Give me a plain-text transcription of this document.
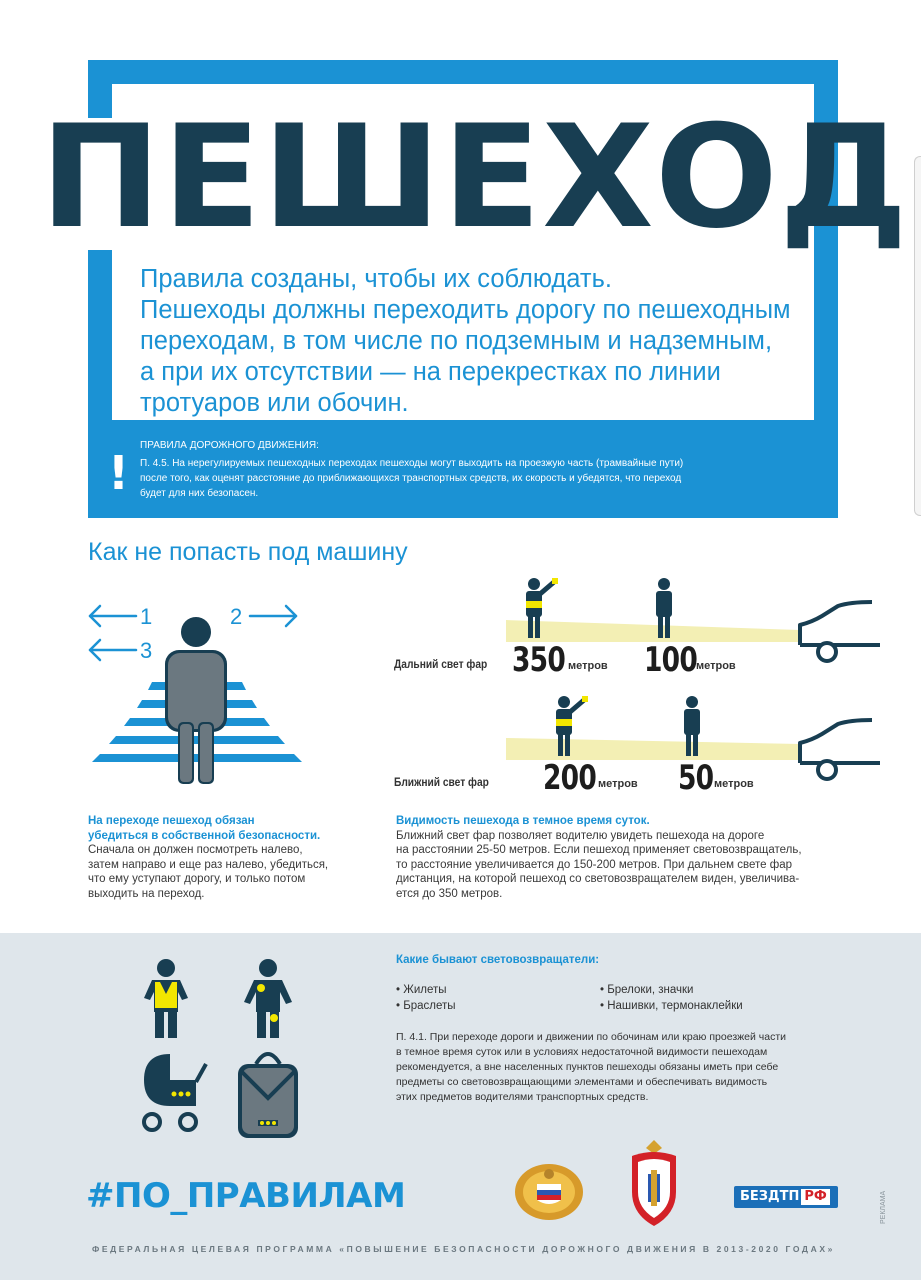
ПЕШЕХОД
Правила созданы, чтобы их соблюдать.
Пешеходы должны переходить дорогу по пешеходным
переходам, в том числе по подземным и надземным,
а при их отсутствии — на перекрестках по линии
тротуаров или обочин.
!
ПРАВИЛА ДОРОЖНОГО ДВИЖЕНИЯ:
П. 4.5. На нерегулируемых пешеходных переходах пешеходы могут выходить на проезжую часть (трамвайные пути)
после того, как оценят расстояние до приближающихся транспортных средств, их скорость и убедятся, что переход
будет для них безопасен.
Как не попасть под машину
1	2
3
Дальний свет фар 350 метров 100
метров
Ближний свет фар 200 метров 50 метров
На переходе пешеход обязан
убедиться в собственной безопасности.
Сначала он должен посмотреть налево,
затем направо и еще раз налево, убедиться,
что ему уступают дорогу, и только потом
выходить на переход.
Видимость пешехода в темное время суток.
Ближний свет фар позволяет водителю увидеть пешехода на дороге
на расстоянии 25-50 метров. Если пешеход применяет световозвращатель,
то расстояние увеличивается до 150-200 метров. При дальнем свете фар
дистанция, на которой пешеход со световозвращателем виден, увеличива-
ется до 350 метров.
Какие бывают световозвращатели:
• Жилеты
• Браслеты
• Брелоки, значки
• Нашивки, термонаклейки
П. 4.1. При переходе дороги и движении по обочинам или краю проезжей части
в темное время суток или в условиях недостаточной видимости пешеходам
рекомендуется, а вне населенных пунктов пешеходы обязаны иметь при себе
предметы со световозвращающими элементами и обеспечивать видимость
этих предметов водителями транспортных средств.
#ПО_ПРАВИЛАМ	БЕЗДТП РФ
ФЕДЕРАЛЬНАЯ ЦЕЛЕВАЯ ПРОГРАММА «ПОВЫШЕНИЕ БЕЗОПАСНОСТИ ДОРОЖНОГО ДВИЖЕНИЯ В 2013-2020 ГОДАХ»
РЕКЛАМА
